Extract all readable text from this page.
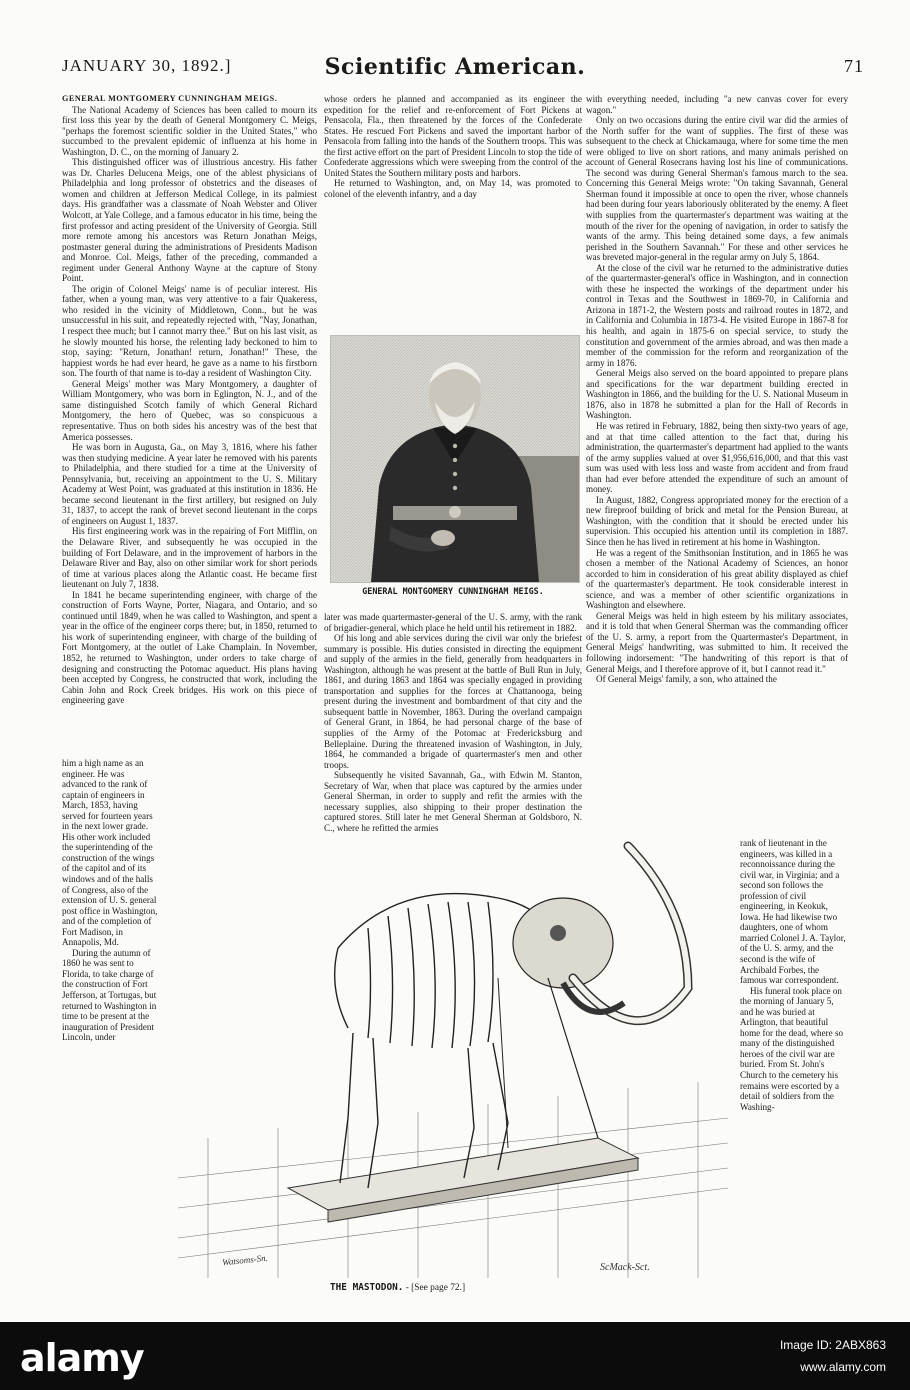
JANUARY 30, 1892.]	Scientific American.	71

GENERAL MONTGOMERY CUNNINGHAM MEIGS.

The National Academy of Sciences has been called to mourn its first loss this year by the death of General Montgomery C. Meigs, "perhaps the foremost scientific soldier in the United States," who succumbed to the prevalent epidemic of influenza at his home in Washington, D. C., on the morning of January 2.

This distinguished officer was of illustrious ancestry. His father was Dr. Charles Delucena Meigs, one of the ablest physicians of Philadelphia and long professor of obstetrics and the diseases of women and children at Jefferson Medical College, in its palmiest days. His grandfather was a classmate of Noah Webster and Oliver Wolcott, at Yale College, and a famous educator in his time, being the first professor and acting president of the University of Georgia. Still more remote among his ancestors was Return Jonathan Meigs, postmaster general during the administrations of Presidents Madison and Monroe. Col. Meigs, father of the preceding, commanded a regiment under General Anthony Wayne at the capture of Stony Point.

The origin of Colonel Meigs' name is of peculiar interest. His father, when a young man, was very attentive to a fair Quakeress, who resided in the vicinity of Middletown, Conn., but he was unsuccessful in his suit, and repeatedly rejected with, "Nay, Jonathan, I respect thee much; but I cannot marry thee." But on his last visit, as he slowly mounted his horse, the relenting lady beckoned to him to stop, saying: "Return, Jonathan! return, Jonathan!" These, the happiest words he had ever heard, he gave as a name to his firstborn son. The fourth of that name is to-day a resident of Washington City.

General Meigs' mother was Mary Montgomery, a daughter of William Montgomery, who was born in Eglington, N. J., and of the same distinguished Scotch family of which General Richard Montgomery, the hero of Quebec, was so conspicuous a representative. Thus on both sides his ancestry was of the best that America possesses.

He was born in Augusta, Ga., on May 3, 1816, where his father was then studying medicine. A year later he removed with his parents to Philadelphia, and there studied for a time at the University of Pennsylvania, but, receiving an appointment to the U. S. Military Academy at West Point, was graduated at this institution in 1836. He became second lieutenant in the first artillery, but resigned on July 31, 1837, to accept the rank of brevet second lieutenant in the corps of engineers on August 1, 1837.

His first engineering work was in the repairing of Fort Mifflin, on the Delaware River, and subsequently he was occupied in the building of Fort Delaware, and in the improvement of harbors in the Delaware River and Bay, also on other similar work for short periods of time at various places along the Atlantic coast. He became first lieutenant on July 7, 1838.

In 1841 he became superintending engineer, with charge of the construction of Forts Wayne, Porter, Niagara, and Ontario, and so continued until 1849, when he was called to Washington, and spent a year in the office of the engineer corps there; but, in 1850, returned to his work of superintending engineer, with charge of the building of Fort Montgomery, at the outlet of Lake Champlain. In November, 1852, he returned to Washington, under orders to take charge of designing and constructing the Potomac aqueduct. His plans having been accepted by Congress, he constructed that work, including the Cabin John and Rock Creek bridges. His work on this piece of engineering gave

him a high name as an engineer. He was advanced to the rank of captain of engineers in March, 1853, having served for fourteen years in the next lower grade. His other work included the superintending of the construction of the wings of the capitol and of its windows and of the halls of Congress, also of the extension of U. S. general post office in Washington, and of the completion of Fort Madison, in Annapolis, Md.

During the autumn of 1860 he was sent to Florida, to take charge of the construction of Fort Jefferson, at Tortugas, but returned to Washington in time to be present at the inauguration of President Lincoln, under

whose orders he planned and accompanied as its engineer the expedition for the relief and re-enforcement of Fort Pickens at Pensacola, Fla., then threatened by the forces of the Confederate States. He rescued Fort Pickens and saved the important harbor of Pensacola from falling into the hands of the Southern troops. This was the first active effort on the part of President Lincoln to stop the tide of Confederate aggressions which were sweeping from the control of the United States the Southern military posts and harbors.

He returned to Washington, and, on May 14, was promoted to colonel of the eleventh infantry, and a day

GENERAL MONTGOMERY CUNNINGHAM MEIGS.

later was made quartermaster-general of the U. S. army, with the rank of brigadier-general, which place he held until his retirement in 1882.

Of his long and able services during the civil war only the briefest summary is possible. His duties consisted in directing the equipment and supply of the armies in the field, generally from headquarters in Washington, although he was present at the battle of Bull Run in July, 1861, and during 1863 and 1864 was specially engaged in providing transportation and supplies for the forces at Chattanooga, being present during the investment and bombardment of that city and the subsequent battle in November, 1863. During the overland campaign of General Grant, in 1864, he had personal charge of the base of supplies of the Army of the Potomac at Fredericksburg and Belleplaine. During the threatened invasion of Washington, in July, 1864, he commanded a brigade of quartermaster's men and other troops.

Subsequently he visited Savannah, Ga., with Edwin M. Stanton, Secretary of War, when that place was captured by the armies under General Sherman, in order to supply and refit the armies with the necessary supplies, also shipping to their proper destination the captured stores. Still later he met General Sherman at Goldsboro, N. C., where he refitted the armies

with everything needed, including "a new canvas cover for every wagon."

Only on two occasions during the entire civil war did the armies of the North suffer for the want of supplies. The first of these was subsequent to the check at Chickamauga, where for some time the men were obliged to live on short rations, and many animals perished on account of General Rosecrans having lost his line of communications. The second was during General Sherman's famous march to the sea. Concerning this General Meigs wrote: "On taking Savannah, General Sherman found it impossible at once to open the river, whose channels had been during four years laboriously obliterated by the enemy. A fleet with supplies from the quartermaster's department was waiting at the mouth of the river for the opening of navigation, in order to satisfy the wants of the army. This being detained some days, a few animals perished in the Southern Savannah." For these and other services he was breveted major-general in the regular army on July 5, 1864.

At the close of the civil war he returned to the administrative duties of the quartermaster-general's office in Washington, and in connection with these he inspected the workings of the department under his control in Texas and the Southwest in 1869-70, in California and Arizona in 1871-2, the Western posts and railroad routes in 1872, and in California and Columbia in 1873-4. He visited Europe in 1867-8 for his health, and again in 1875-6 on special service, to study the constitution and government of the armies abroad, and was then made a member of the commission for the reform and reorganization of the army in 1876.

General Meigs also served on the board appointed to prepare plans and specifications for the war department building erected in Washington in 1866, and the building for the U. S. National Museum in 1876, also in 1878 he submitted a plan for the Hall of Records in Washington.

He was retired in February, 1882, being then sixty-two years of age, and at that time called attention to the fact that, during his administration, the quartermaster's department had applied to the wants of the army supplies valued at over $1,956,616,000, and that this vast sum was used with less loss and waste from accident and from fraud than had ever before attended the expenditure of such an amount of money.

In August, 1882, Congress appropriated money for the erection of a new fireproof building of brick and metal for the Pension Bureau, at Washington, with the condition that it should be erected under his supervision. This occupied his attention until its completion in 1887. Since then he has lived in retirement at his home in Washington.

He was a regent of the Smithsonian Institution, and in 1865 he was chosen a member of the National Academy of Sciences, an honor accorded to him in consideration of his great ability displayed as chief of the quartermaster's department. He took considerable interest in science, and was a member of other scientific organizations in Washington and elsewhere.

General Meigs was held in high esteem by his military associates, and it is told that when General Sherman was the commanding officer of the U. S. army, a report from the Quartermaster's Department, in General Meigs' handwriting, was submitted to him. It received the following indorsement: "The handwriting of this report is that of General Meigs, and I therefore approve of it, but I cannot read it."

Of General Meigs' family, a son, who attained the

rank of lieutenant in the engineers, was killed in a reconnoissance during the civil war, in Virginia; and a second son follows the profession of civil engineering, in Keokuk, Iowa. He had likewise two daughters, one of whom married Colonel J. A. Taylor, of the U. S. army, and the second is the wife of Archibald Forbes, the famous war correspondent.

His funeral took place on the morning of January 5, and he was buried at Arlington, that beautiful home for the dead, where so many of the distinguished heroes of the civil war are buried. From St. John's Church to the cemetery his remains were escorted by a detail of soldiers from the Washing-

Watsoms-Sn.
ScMack-Sct.
THE MASTODON. - [See page 72.]
alamy	Image ID: 2ABX863
www.alamy.com
